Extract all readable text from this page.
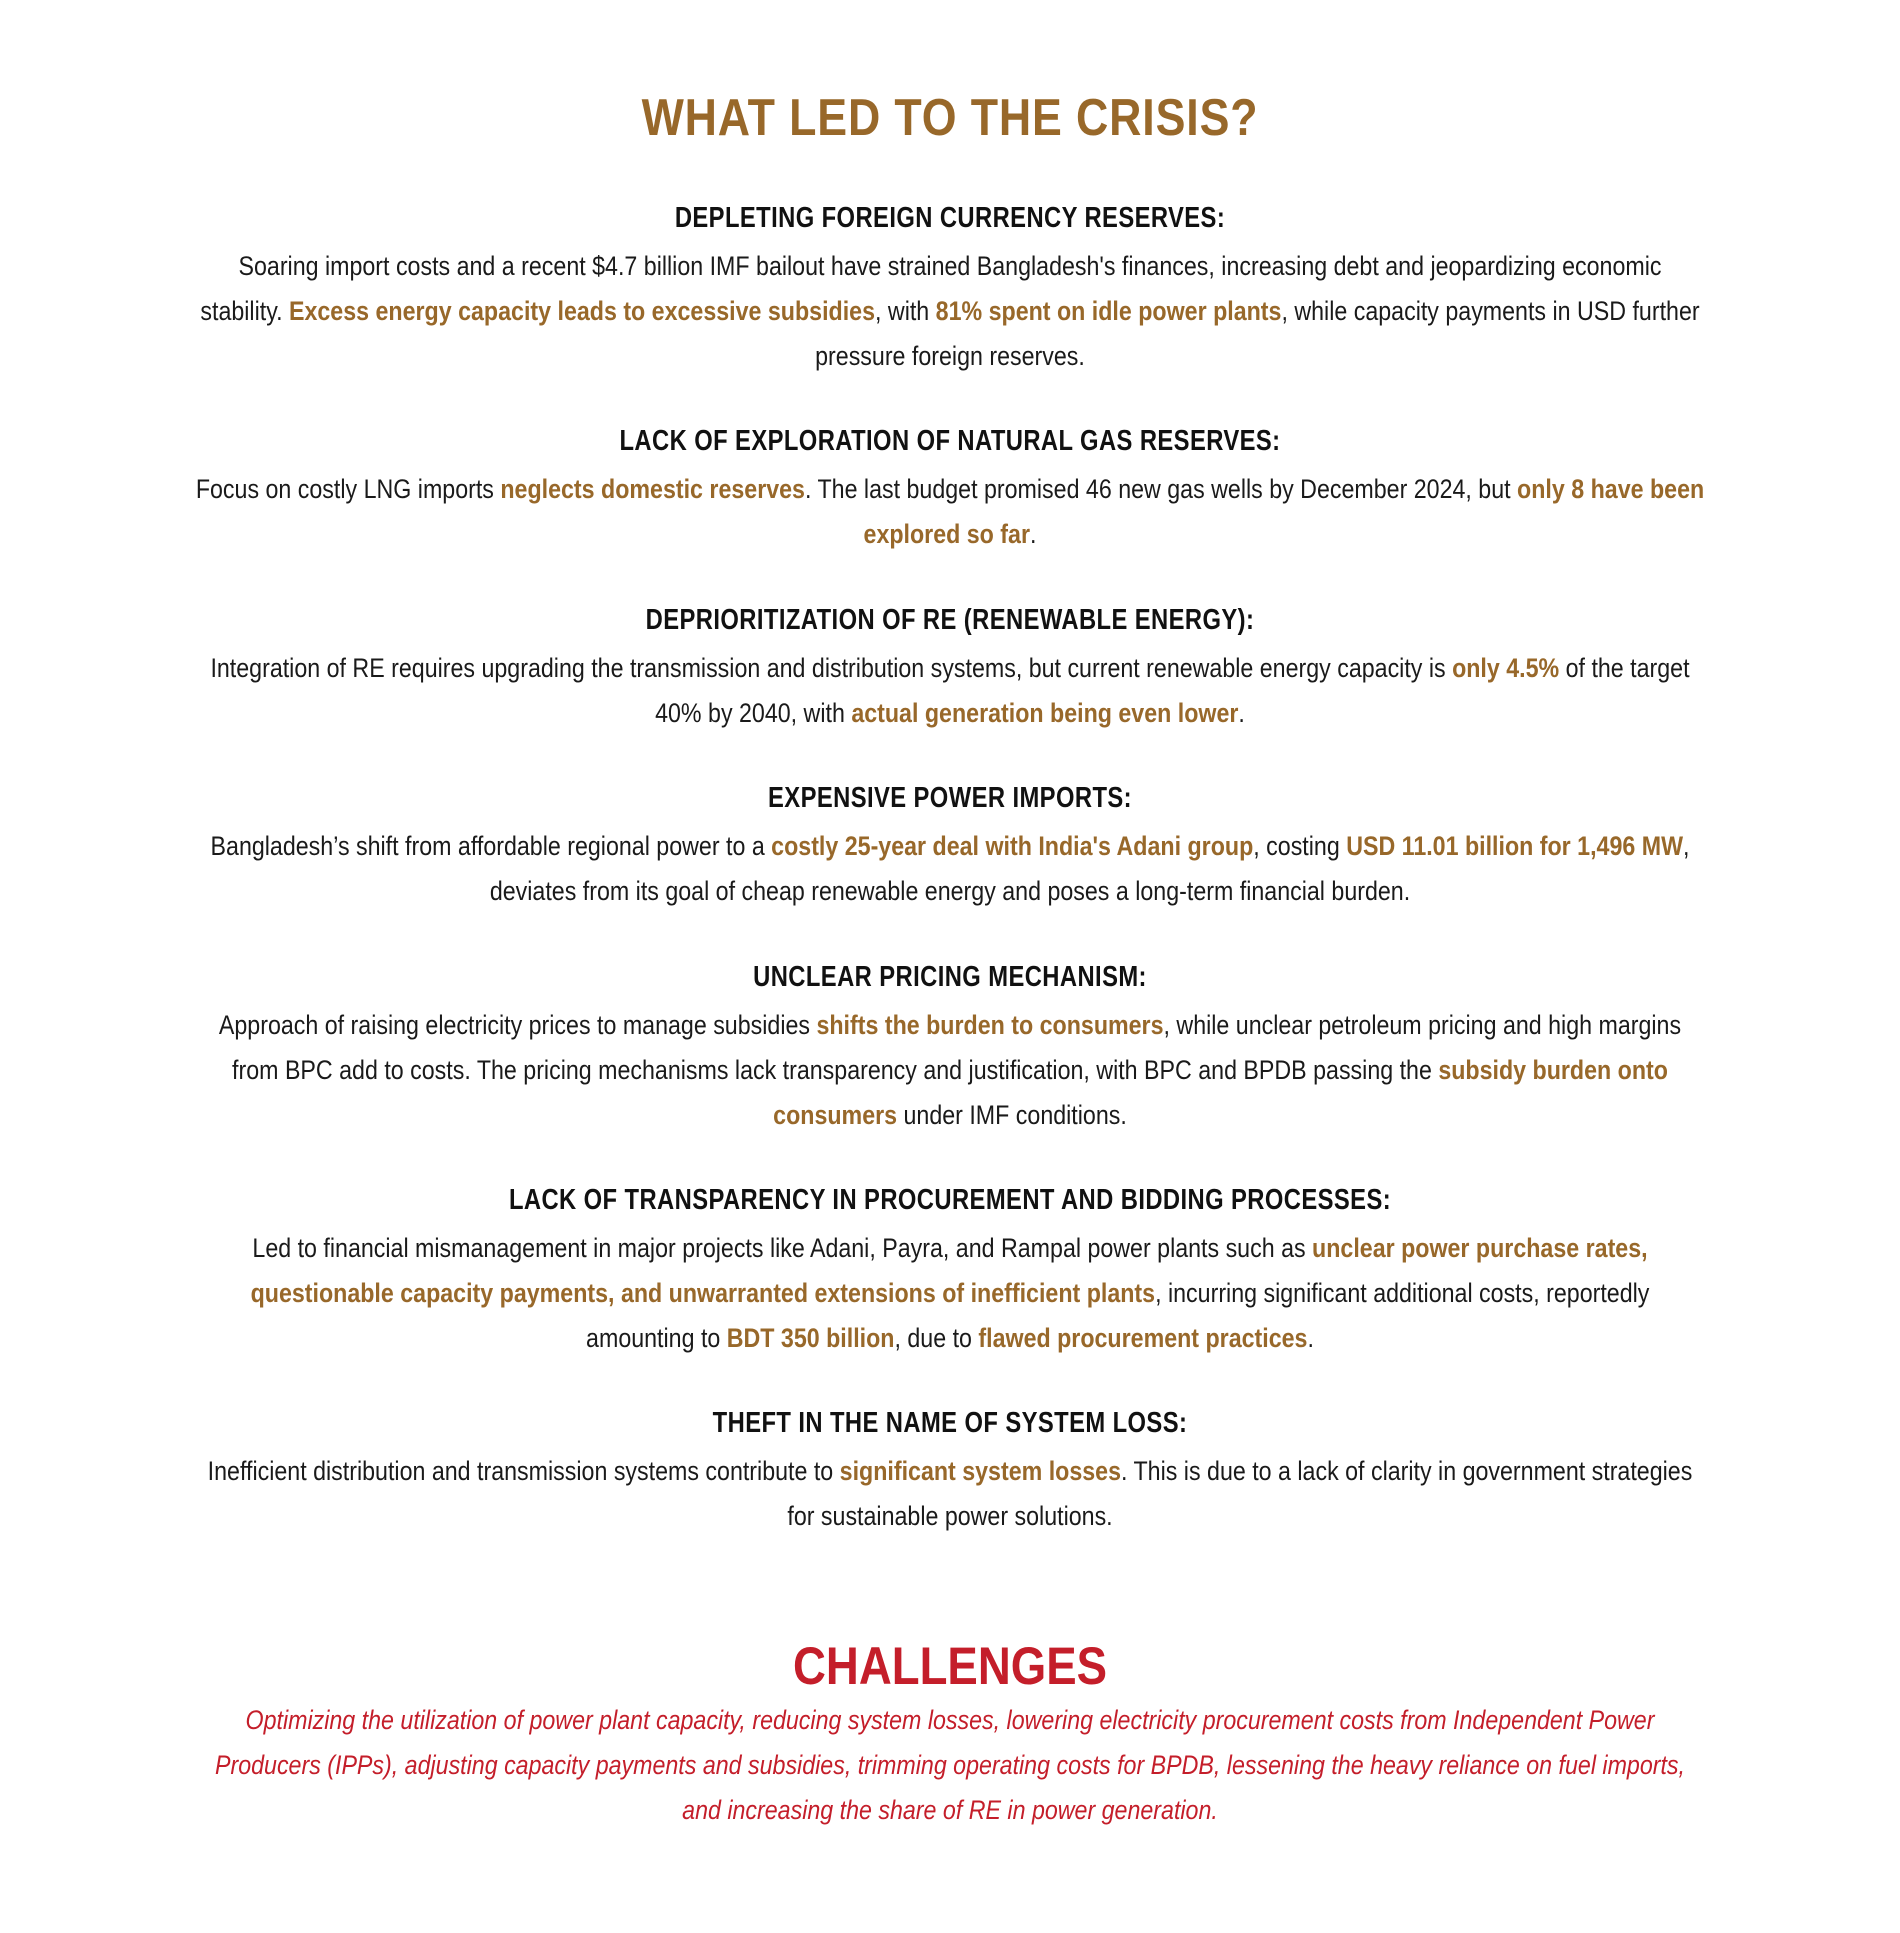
WHAT LED TO THE CRISIS?
DEPLETING FOREIGN CURRENCY RESERVES:

Soaring import costs and a recent $4.7 billion IMF bailout have strained Bangladesh's finances, increasing debt and jeopardizing economic stability. Excess energy capacity leads to excessive subsidies, with 81% spent on idle power plants, while capacity payments in USD further pressure foreign reserves.

LACK OF EXPLORATION OF NATURAL GAS RESERVES:

Focus on costly LNG imports neglects domestic reserves. The last budget promised 46 new gas wells by December 2024, but only 8 have been explored so far.

DEPRIORITIZATION OF RE (RENEWABLE ENERGY):

Integration of RE requires upgrading the transmission and distribution systems, but current renewable energy capacity is only 4.5% of the target 40% by 2040, with actual generation being even lower.

EXPENSIVE POWER IMPORTS:

Bangladesh’s shift from affordable regional power to a costly 25-year deal with India's Adani group, costing USD 11.01 billion for 1,496 MW, deviates from its goal of cheap renewable energy and poses a long-term financial burden.

UNCLEAR PRICING MECHANISM:

Approach of raising electricity prices to manage subsidies shifts the burden to consumers, while unclear petroleum pricing and high margins from BPC add to costs. The pricing mechanisms lack transparency and justification, with BPC and BPDB passing the subsidy burden onto consumers under IMF conditions.

LACK OF TRANSPARENCY IN PROCUREMENT AND BIDDING PROCESSES:

Led to financial mismanagement in major projects like Adani, Payra, and Rampal power plants such as unclear power purchase rates, questionable capacity payments, and unwarranted extensions of inefficient plants, incurring significant additional costs, reportedly amounting to BDT 350 billion, due to flawed procurement practices.

THEFT IN THE NAME OF SYSTEM LOSS:

Inefficient distribution and transmission systems contribute to significant system losses. This is due to a lack of clarity in government strategies for sustainable power solutions.

CHALLENGES

Optimizing the utilization of power plant capacity, reducing system losses, lowering electricity procurement costs from Independent Power Producers (IPPs), adjusting capacity payments and subsidies, trimming operating costs for BPDB, lessening the heavy reliance on fuel imports, and increasing the share of RE in power generation.
